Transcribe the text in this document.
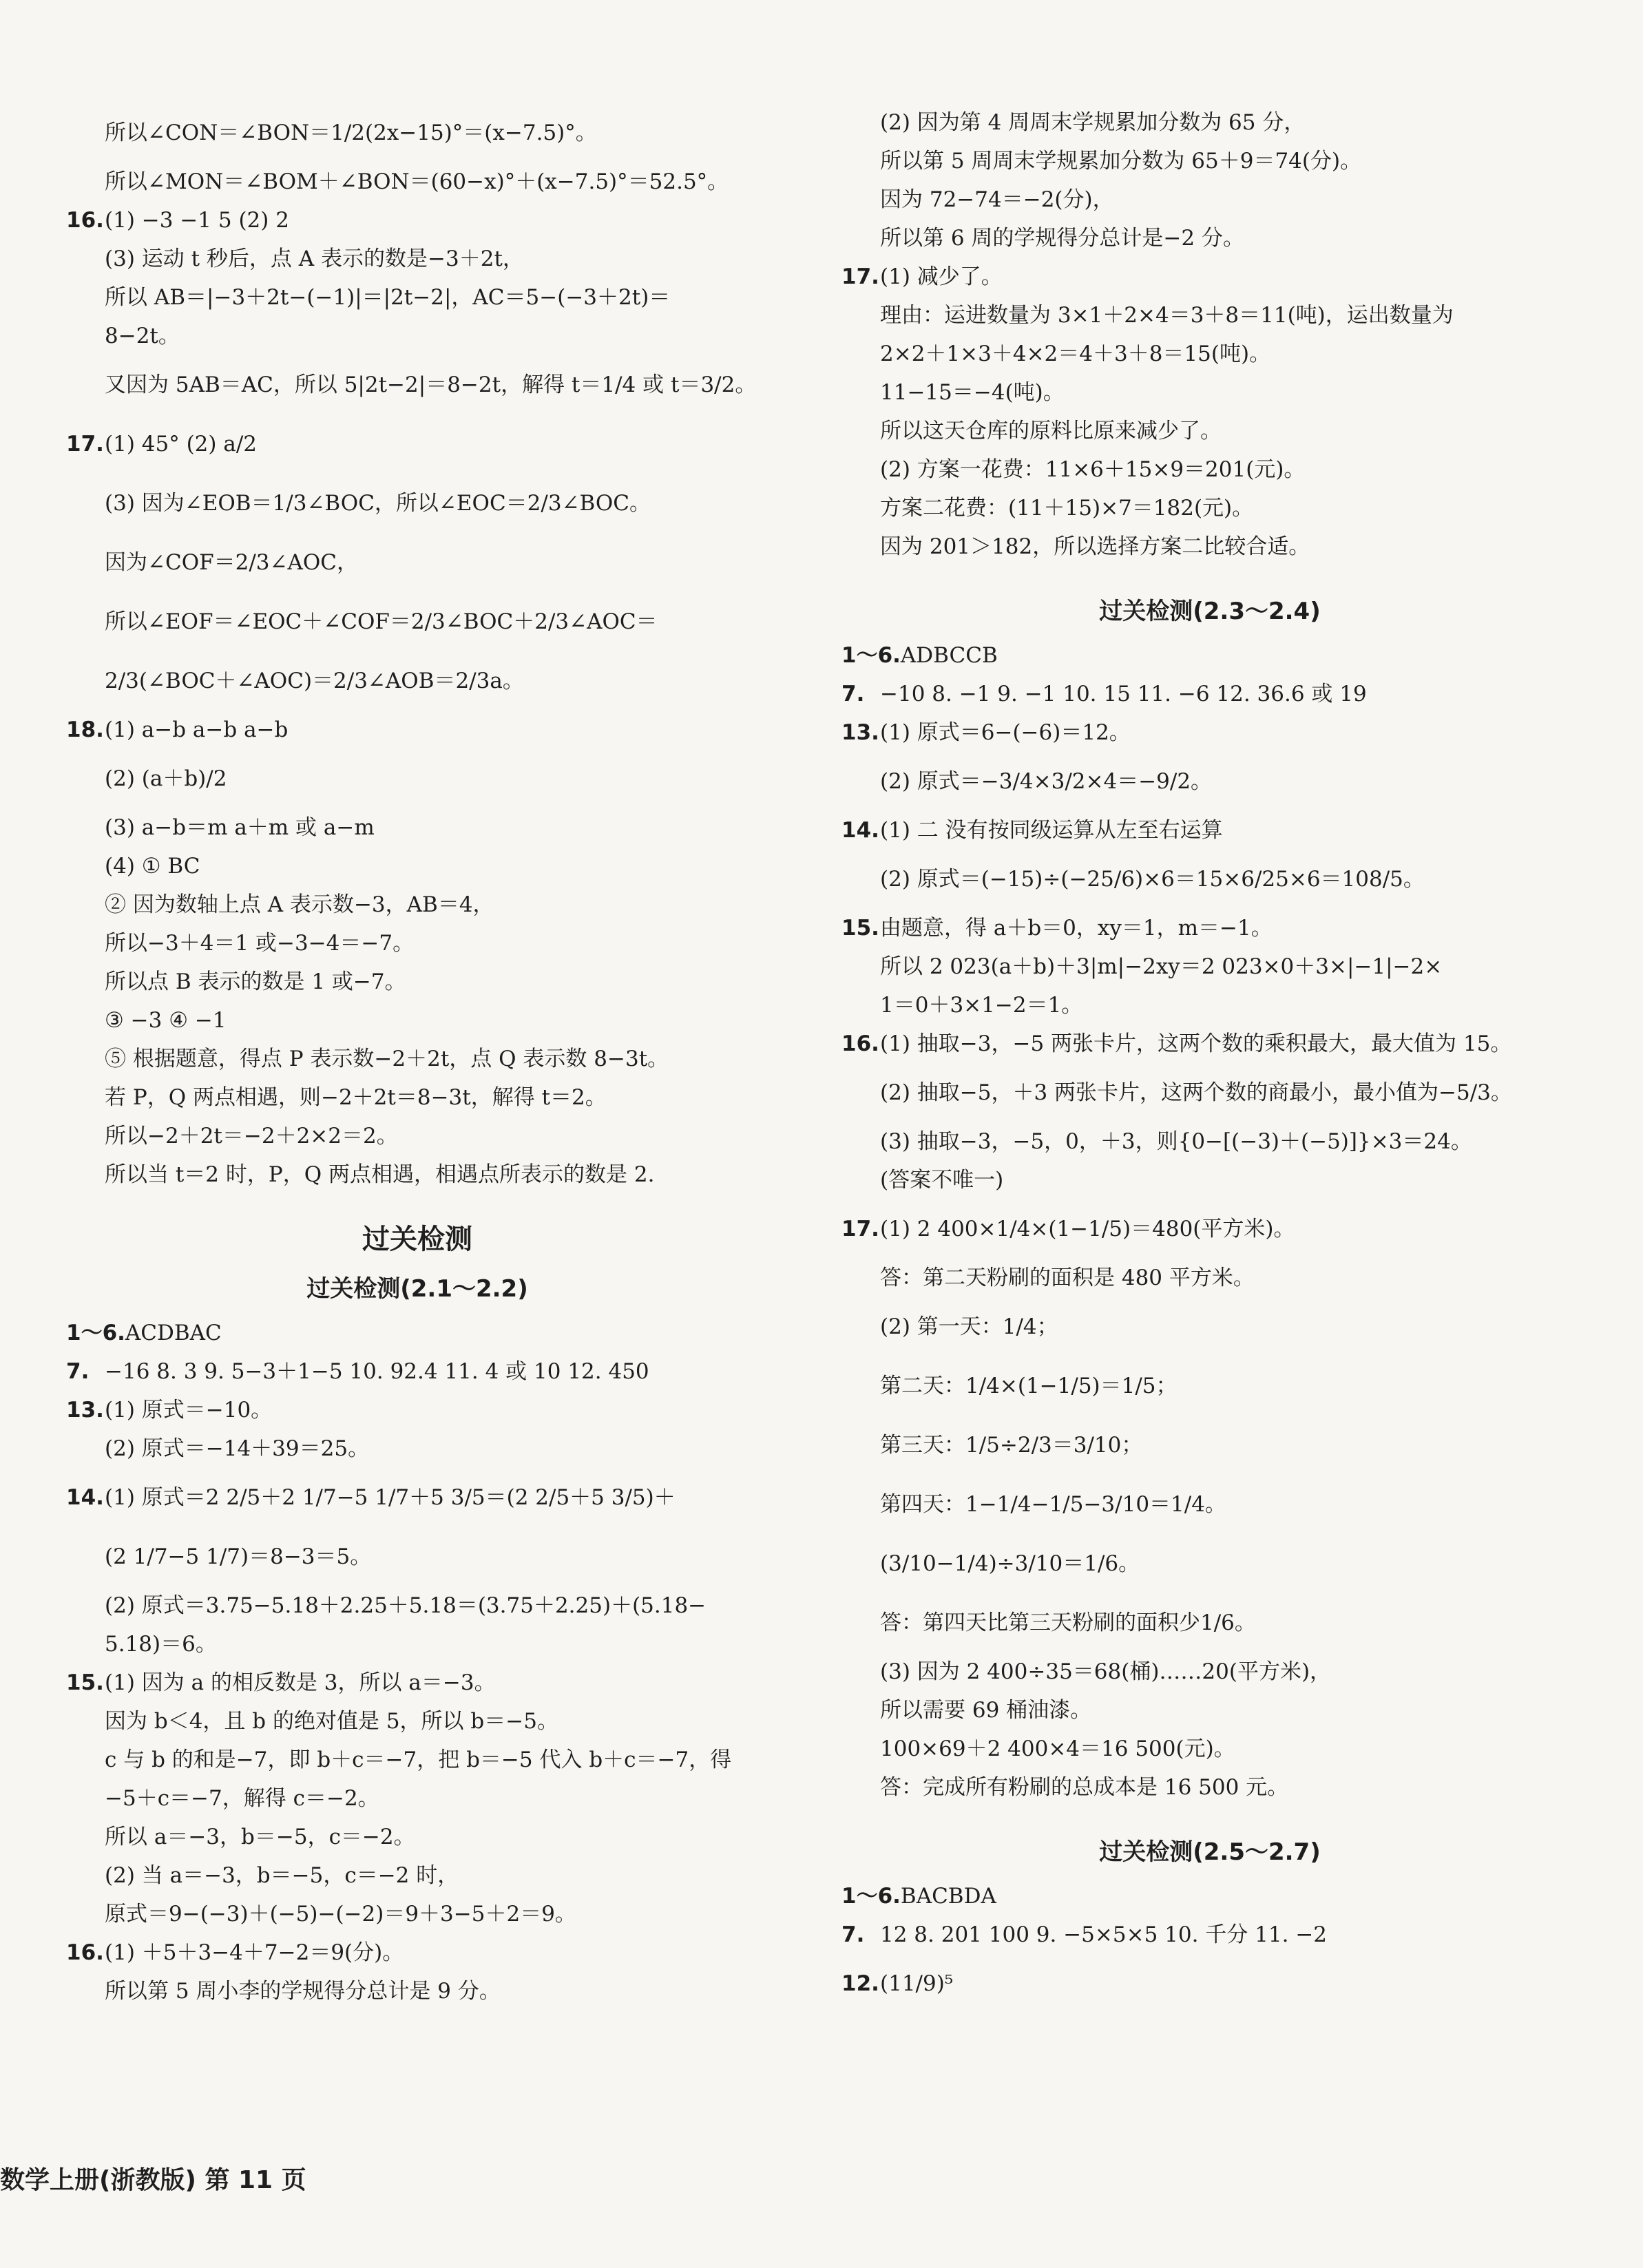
所以∠CON＝∠BON＝1/2(2x−15)°＝(x−7.5)°。
所以∠MON＝∠BOM＋∠BON＝(60−x)°＋(x−7.5)°＝52.5°。
16.(1) −3 −1 5 (2) 2
(3) 运动 t 秒后，点 A 表示的数是−3＋2t，
所以 AB＝|−3＋2t−(−1)|＝|2t−2|，AC＝5−(−3＋2t)＝
8−2t。
又因为 5AB＝AC，所以 5|2t−2|＝8−2t，解得 t＝1/4 或 t＝3/2。
17.(1) 45° (2) a/2
(3) 因为∠EOB＝1/3∠BOC，所以∠EOC＝2/3∠BOC。
因为∠COF＝2/3∠AOC，
所以∠EOF＝∠EOC＋∠COF＝2/3∠BOC＋2/3∠AOC＝
2/3(∠BOC＋∠AOC)＝2/3∠AOB＝2/3a。
18.(1) a−b a−b a−b
(2) (a＋b)/2
(3) a−b＝m a＋m 或 a−m
(4) ① BC
② 因为数轴上点 A 表示数−3，AB＝4，
所以−3＋4＝1 或−3−4＝−7。
所以点 B 表示的数是 1 或−7。
③ −3 ④ −1
⑤ 根据题意，得点 P 表示数−2＋2t，点 Q 表示数 8−3t。
若 P，Q 两点相遇，则−2＋2t＝8−3t，解得 t＝2。
所以−2＋2t＝−2＋2×2＝2。
所以当 t＝2 时，P，Q 两点相遇，相遇点所表示的数是 2.
过关检测
过关检测(2.1～2.2)
1～6.ACDBAC
7. −16 8. 3 9. 5−3＋1−5 10. 92.4 11. 4 或 10 12. 450
13.(1) 原式＝−10。
(2) 原式＝−14＋39＝25。
14.(1) 原式＝2 2/5＋2 1/7−5 1/7＋5 3/5＝(2 2/5＋5 3/5)＋
(2 1/7−5 1/7)＝8−3＝5。
(2) 原式＝3.75−5.18＋2.25＋5.18＝(3.75＋2.25)＋(5.18−
5.18)＝6。
15.(1) 因为 a 的相反数是 3，所以 a＝−3。
因为 b＜4，且 b 的绝对值是 5，所以 b＝−5。
c 与 b 的和是−7，即 b＋c＝−7，把 b＝−5 代入 b＋c＝−7，得
−5＋c＝−7，解得 c＝−2。
所以 a＝−3，b＝−5，c＝−2。
(2) 当 a＝−3，b＝−5，c＝−2 时，
原式＝9−(−3)＋(−5)−(−2)＝9＋3−5＋2＝9。
16.(1) ＋5＋3−4＋7−2＝9(分)。
所以第 5 周小李的学规得分总计是 9 分。
(2) 因为第 4 周周末学规累加分数为 65 分，
所以第 5 周周末学规累加分数为 65＋9＝74(分)。
因为 72−74＝−2(分)，
所以第 6 周的学规得分总计是−2 分。
17.(1) 减少了。
理由：运进数量为 3×1＋2×4＝3＋8＝11(吨)，运出数量为
2×2＋1×3＋4×2＝4＋3＋8＝15(吨)。
11−15＝−4(吨)。
所以这天仓库的原料比原来减少了。
(2) 方案一花费：11×6＋15×9＝201(元)。
方案二花费：(11＋15)×7＝182(元)。
因为 201＞182，所以选择方案二比较合适。
过关检测(2.3～2.4)
1～6.ADBCCB
7. −10 8. −1 9. −1 10. 15 11. −6 12. 36.6 或 19
13.(1) 原式＝6−(−6)＝12。
(2) 原式＝−3/4×3/2×4＝−9/2。
14.(1) 二 没有按同级运算从左至右运算
(2) 原式＝(−15)÷(−25/6)×6＝15×6/25×6＝108/5。
15.由题意，得 a＋b＝0，xy＝1，m＝−1。
所以 2 023(a＋b)＋3|m|−2xy＝2 023×0＋3×|−1|−2×
1＝0＋3×1−2＝1。
16.(1) 抽取−3，−5 两张卡片，这两个数的乘积最大，最大值为 15。
(2) 抽取−5，＋3 两张卡片，这两个数的商最小，最小值为−5/3。
(3) 抽取−3，−5，0，＋3，则{0−[(−3)＋(−5)]}×3＝24。
(答案不唯一)
17.(1) 2 400×1/4×(1−1/5)＝480(平方米)。
答：第二天粉刷的面积是 480 平方米。
(2) 第一天：1/4；
第二天：1/4×(1−1/5)＝1/5；
第三天：1/5÷2/3＝3/10；
第四天：1−1/4−1/5−3/10＝1/4。
(3/10−1/4)÷3/10＝1/6。
答：第四天比第三天粉刷的面积少1/6。
(3) 因为 2 400÷35＝68(桶)……20(平方米)，
所以需要 69 桶油漆。
100×69＋2 400×4＝16 500(元)。
答：完成所有粉刷的总成本是 16 500 元。
过关检测(2.5～2.7)
1～6.BACBDA
7. 12 8. 201 100 9. −5×5×5 10. 千分 11. −2
12.(11/9)⁵
数学上册(浙教版) 第 11 页
